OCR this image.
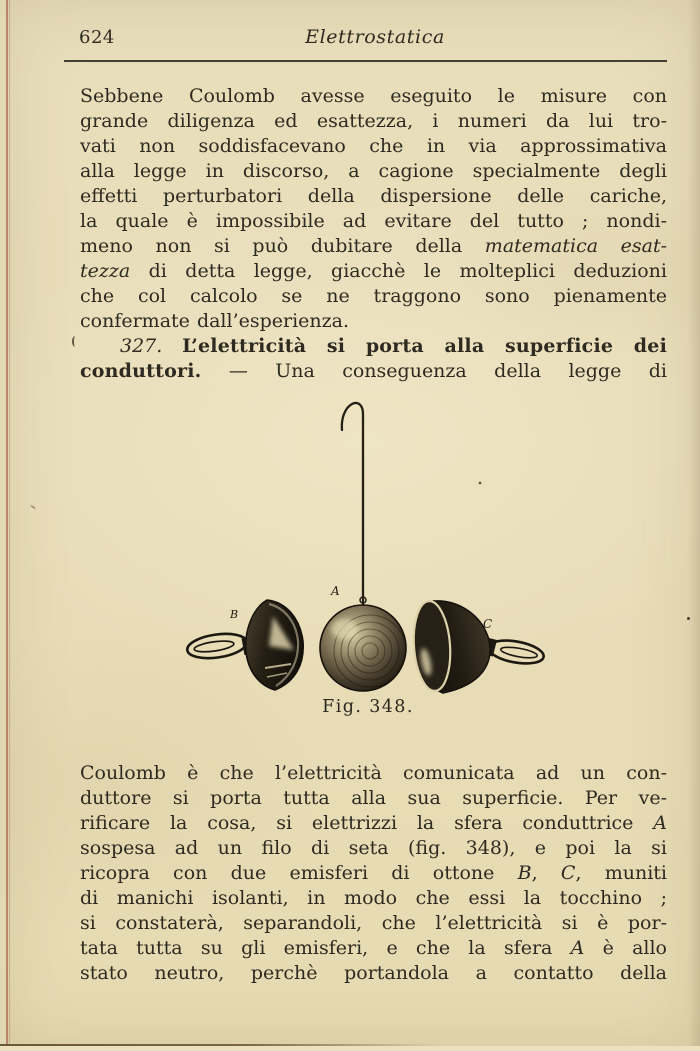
624	Elettrostatica
Sebbene Coulomb avesse eseguito le misure con
grande diligenza ed esattezza, i numeri da lui tro-
vati non soddisfacevano che in via approssimativa
alla legge in discorso, a cagione specialmente degli
effetti perturbatori della dispersione delle cariche,
la quale è impossibile ad evitare del tutto ; nondi-
meno non si può dubitare della matematica esat-
tezza di detta legge, giacchè le molteplici deduzioni
che col calcolo se ne traggono sono pienamente
confermate dall’esperienza.
327. L’elettricità si porta alla superficie dei
conduttori. — Una conseguenza della legge di
Coulomb è che l’elettricità comunicata ad un con-
duttore si porta tutta alla sua superficie. Per ve-
rificare la cosa, si elettrizzi la sfera conduttrice A
sospesa ad un filo di seta (fig. 348), e poi la si
ricopra con due emisferi di ottone B, C, muniti
di manichi isolanti, in modo che essi la tocchino ;
si constaterà, separandoli, che l’elettricità si è por-
tata tutta su gli emisferi, e che la sfera A è allo
stato neutro, perchè portandola a contatto della
A
B
C
Fig. 348.
